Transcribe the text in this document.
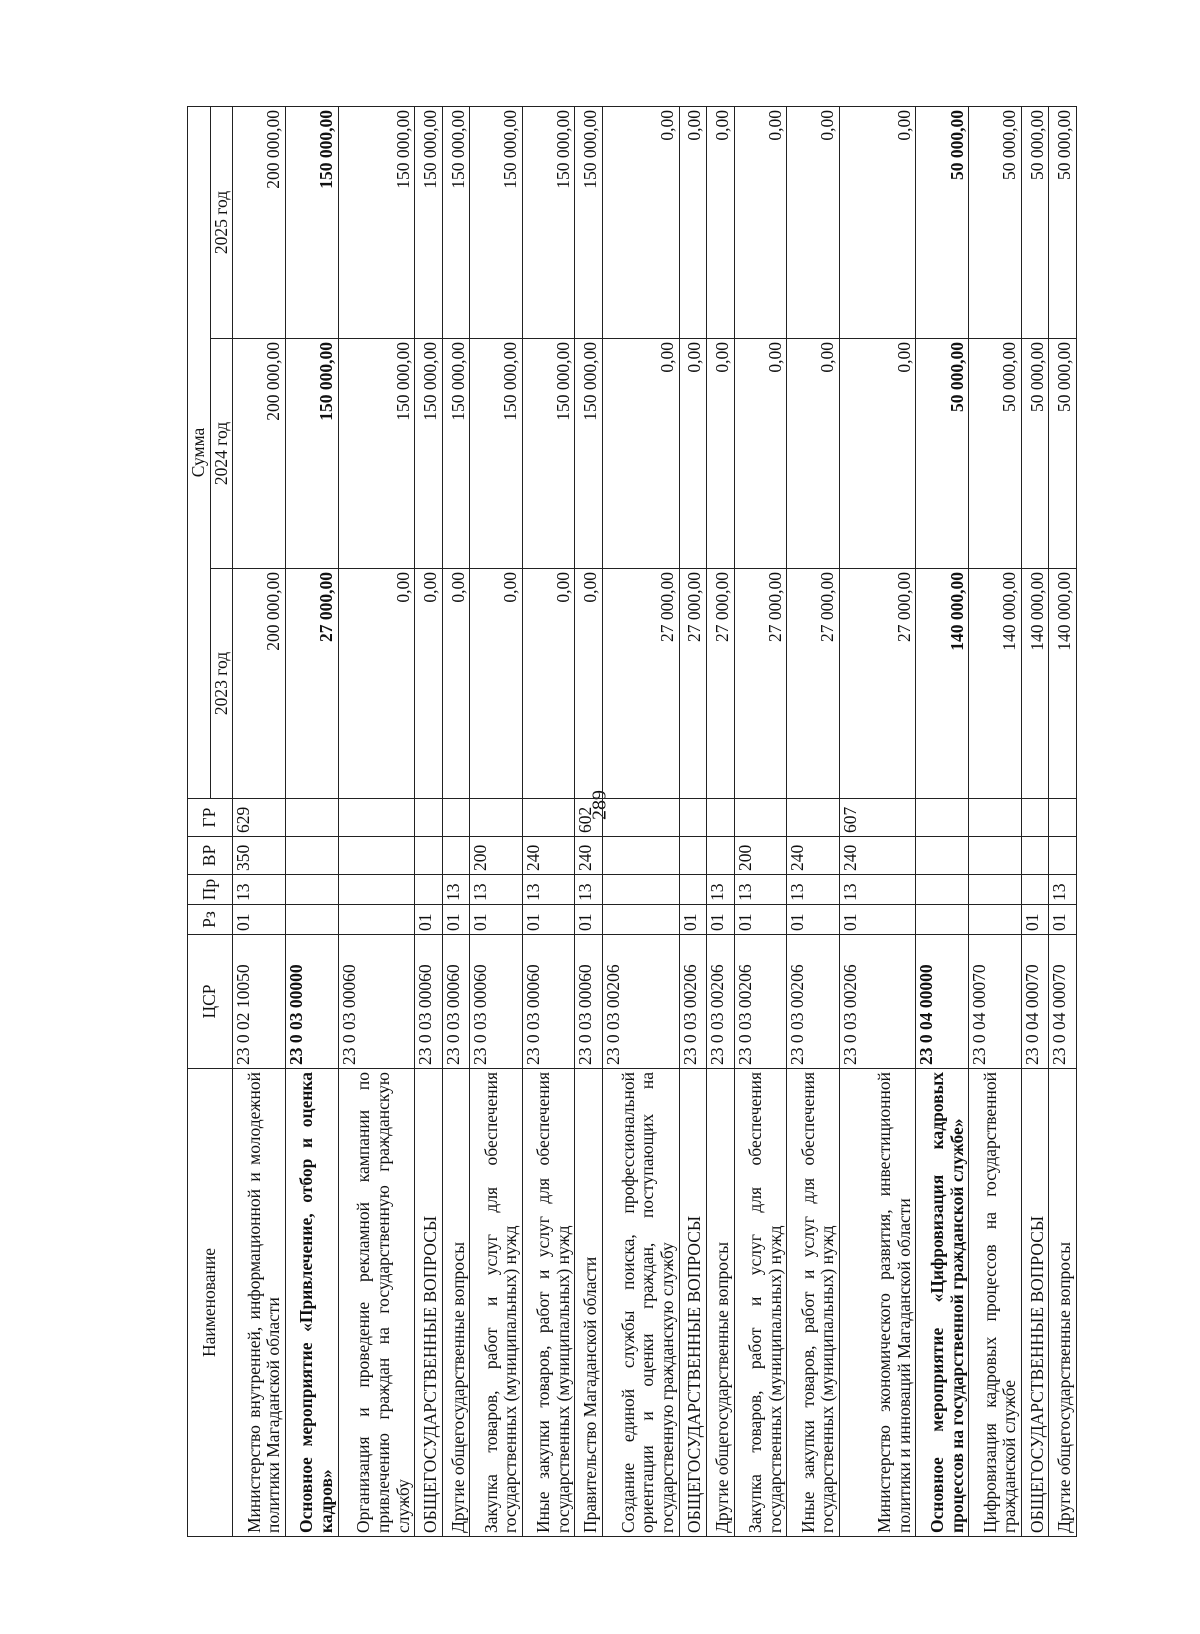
289
Наименование	ЦСР	Рз	Пр	ВР	ГР	Сумма		
						2023 год	2024 год	2025 год
Министерство внутренней, информационной и молодежной политики Магаданской области	23 0 02 10050	01	13	350	629	200 000,00	200 000,00	200 000,00
Основное мероприятие «Привлечение, отбор и оценка кадров»	23 0 03 00000					27 000,00	150 000,00	150 000,00
Организация и проведение рекламной кампании по привлечению граждан на государственную гражданскую службу	23 0 03 00060					0,00	150 000,00	150 000,00
ОБЩЕГОСУДАРСТВЕННЫЕ ВОПРОСЫ	23 0 03 00060	01				0,00	150 000,00	150 000,00
Другие общегосударственные вопросы	23 0 03 00060	01	13			0,00	150 000,00	150 000,00
Закупка товаров, работ и услуг для обеспечения государственных (муниципальных) нужд	23 0 03 00060	01	13	200		0,00	150 000,00	150 000,00
Иные закупки товаров, работ и услуг для обеспечения государственных (муниципальных) нужд	23 0 03 00060	01	13	240		0,00	150 000,00	150 000,00
Правительство Магаданской области	23 0 03 00060	01	13	240	602	0,00	150 000,00	150 000,00
Создание единой службы поиска, профессиональной ориентации и оценки граждан, поступающих на государственную гражданскую службу	23 0 03 00206					27 000,00	0,00	0,00
ОБЩЕГОСУДАРСТВЕННЫЕ ВОПРОСЫ	23 0 03 00206	01				27 000,00	0,00	0,00
Другие общегосударственные вопросы	23 0 03 00206	01	13			27 000,00	0,00	0,00
Закупка товаров, работ и услуг для обеспечения государственных (муниципальных) нужд	23 0 03 00206	01	13	200		27 000,00	0,00	0,00
Иные закупки товаров, работ и услуг для обеспечения государственных (муниципальных) нужд	23 0 03 00206	01	13	240		27 000,00	0,00	0,00
Министерство экономического развития, инвестиционной политики и инноваций Магаданской области	23 0 03 00206	01	13	240	607	27 000,00	0,00	0,00
Основное мероприятие «Цифровизация кадровых процессов на государственной гражданской службе»	23 0 04 00000					140 000,00	50 000,00	50 000,00
Цифровизация кадровых процессов на государственной гражданской службе	23 0 04 00070					140 000,00	50 000,00	50 000,00
ОБЩЕГОСУДАРСТВЕННЫЕ ВОПРОСЫ	23 0 04 00070	01				140 000,00	50 000,00	50 000,00
Другие общегосударственные вопросы	23 0 04 00070	01	13			140 000,00	50 000,00	50 000,00
